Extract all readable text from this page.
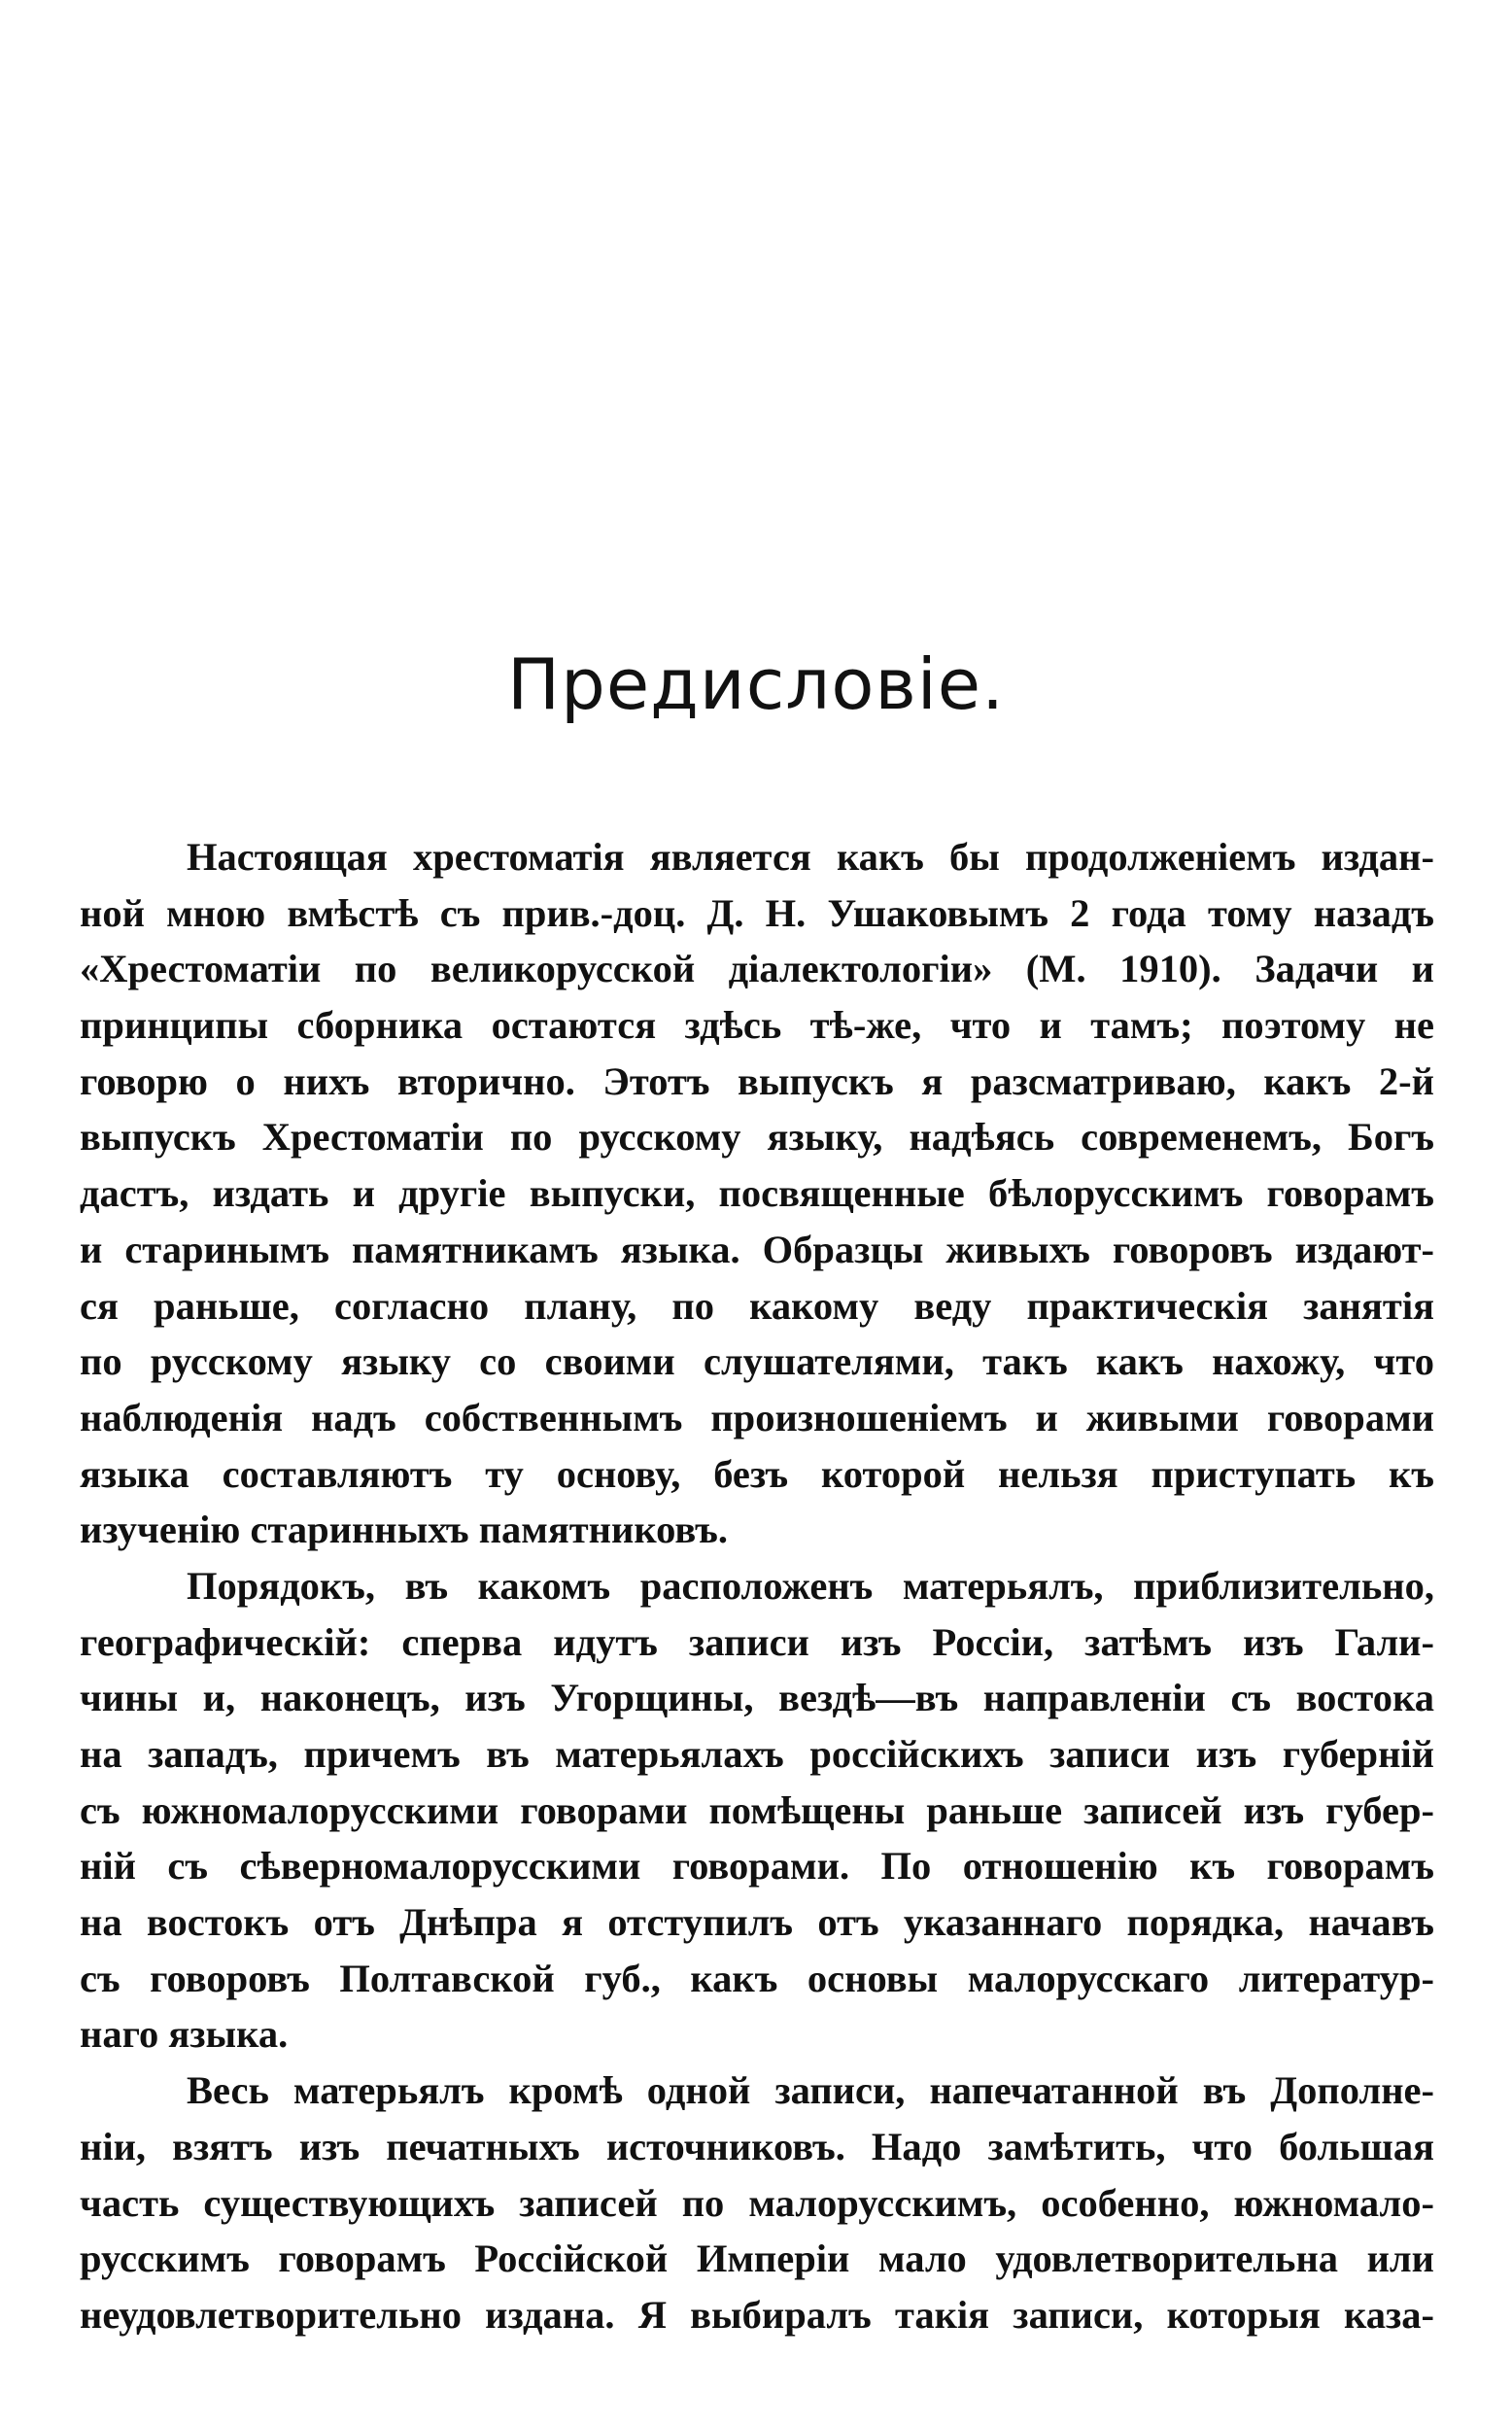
Предисловie.
Настоящая хрестоматія является какъ бы продолженіемъ издан-
ной мною вмѣстѣ съ прив.-доц. Д. Н. Ушаковымъ 2 года тому назадъ
«Хрестоматіи по великорусской діалектологіи» (М. 1910). Задачи и
принципы сборника остаются здѣсь тѣ-же, что и тамъ; поэтому не
говорю о нихъ вторично. Этотъ выпускъ я разсматриваю, какъ 2-й
выпускъ Хрестоматіи по русскому языку, надѣясь современемъ, Богъ
дастъ, издать и другіе выпуски, посвященные бѣлорусскимъ говорамъ
и старинымъ памятникамъ языка. Образцы живыхъ говоровъ издают-
ся раньше, согласно плану, по какому веду практическія занятія
по русскому языку со своими слушателями, такъ какъ нахожу, что
наблюденія надъ собственнымъ произношеніемъ и живыми говорами
языка составляютъ ту основу, безъ которой нельзя приступать къ
изученію старинныхъ памятниковъ.
Порядокъ, въ какомъ расположенъ матерьялъ, приблизительно,
географическій: сперва идутъ записи изъ Россіи, затѣмъ изъ Гали-
чины и, наконецъ, изъ Угорщины, вездѣ—въ направленіи съ востока
на западъ, причемъ въ матерьялахъ россійскихъ записи изъ губерній
съ южномалорусскими говорами помѣщены раньше записей изъ губер-
ній съ сѣверномалорусскими говорами. По отношенію къ говорамъ
на востокъ отъ Днѣпра я отступилъ отъ указаннаго порядка, начавъ
съ говоровъ Полтавской губ., какъ основы малорусскаго литератур-
наго языка.
Весь матерьялъ кромѣ одной записи, напечатанной въ Дополне-
ніи, взятъ изъ печатныхъ источниковъ. Надо замѣтить, что большая
часть существующихъ записей по малорусскимъ, особенно, южномало-
русскимъ говорамъ Россійской Имперіи мало удовлетворительна или
неудовлетворительно издана. Я выбиралъ такія записи, которыя каза-
